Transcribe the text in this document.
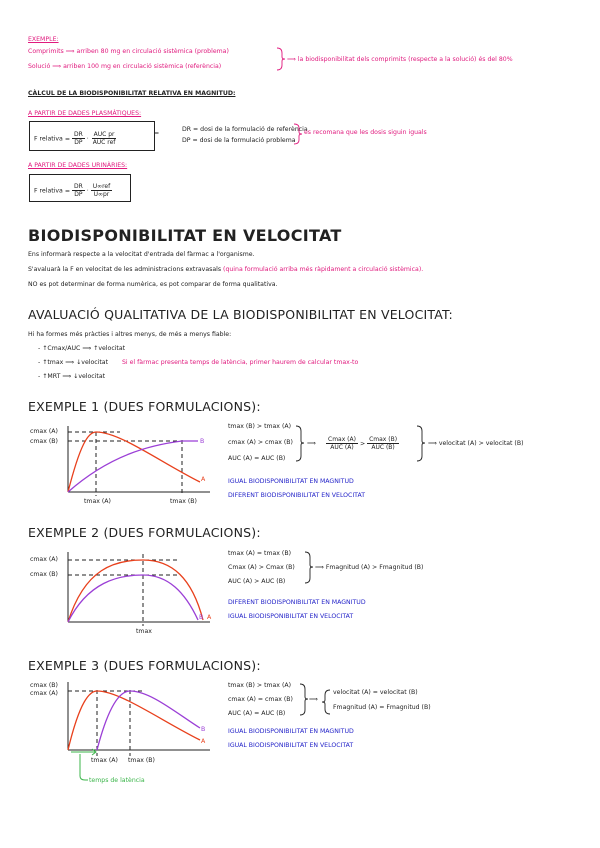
EXEMPLE:
Comprimits ⟹ arriben 80 mg en circulació sistèmica (problema)
Solució ⟹ arriben 100 mg en circulació sistèmica (referència)
⟹ la biodisponibilitat dels comprimits (respecte a la solució) és del 80%
CÀLCUL DE LA BIODISPONIBILITAT RELATIVA EN MAGNITUD:
A PARTIR DE DADES PLASMÀTIQUES:
F relativa = $\frac{DR}{DP} \cdot \frac{\text{AUC pr}}{\text{AUC ref}}$	=
DR = dosi de la formulació de referència
DP = dosi de la formulació problema
es recomana que les dosis siguin iguals
A PARTIR DE DADES URINÀRIES:
F relativa = $\frac{DR}{DP} \cdot \frac{\text{U∞ref}}{U\infty pr}$
BIODISPONIBILITAT EN VELOCITAT
Ens informarà respecte a la velocitat d'entrada del fàrmac a l'organisme.
S'avaluarà la F en velocitat de les administracions extravasals (quina formulació arriba més ràpidament a circulació sistèmica).
NO es pot determinar de forma numèrica, es pot comparar de forma qualitativa.
AVALUACIÓ QUALITATIVA DE LA BIODISPONIBILITAT EN VELOCITAT:
Hi ha formes més pràcties i altres menys, de més a menys fiable:
- ↑Cmax/AUC ⟹ ↑velocitat
- ↑tmax ⟹ ↓velocitat Si el fàrmac presenta temps de latència, primer haurem de calcular tmax-to
- ↑MRT ⟹ ↓velocitat
EXEMPLE 1 (DUES FORMULACIONS):
cmax (A)
cmax (B)
A
B
tmax (A)	tmax (B)
tmax (B) > tmax (A)
cmax (A) > cmax (B)
AUC (A) = AUC (B)
⟹ $\frac{Cmax (A)}{\text{AUC (A)}} > \frac{Cmax (B)}{\text{AUC (B)}}$	⟹ velocitat (A) > velocitat (B)
IGUAL BIODISPONIBILITAT EN MAGNITUD
DIFERENT BIODISPONIBILITAT EN VELOCITAT
EXEMPLE 2 (DUES FORMULACIONS):
cmax (A)
cmax (B)
A
B
tmax
tmax (A) = tmax (B)
Cmax (A) > Cmax (B)
AUC (A) > AUC (B)
⟹ Fmagnitud (A) > Fmagnitud (B)
DIFERENT BIODISPONIBILITAT EN MAGNITUD
IGUAL BIODISPONIBILITAT EN VELOCITAT
EXEMPLE 3 (DUES FORMULACIONS):
cmax (B)
cmax (A)
A
B
tmax (A) tmax (B)
temps de latència
tmax (B) > tmax (A)
cmax (A) = cmax (B)
AUC (A) = AUC (B)
⟹
velocitat (A) = velocitat (B)
Fmagnitud (A) = Fmagnitud (B)
IGUAL BIODISPONIBILITAT EN MAGNITUD
IGUAL BIODISPONIBILITAT EN VELOCITAT
